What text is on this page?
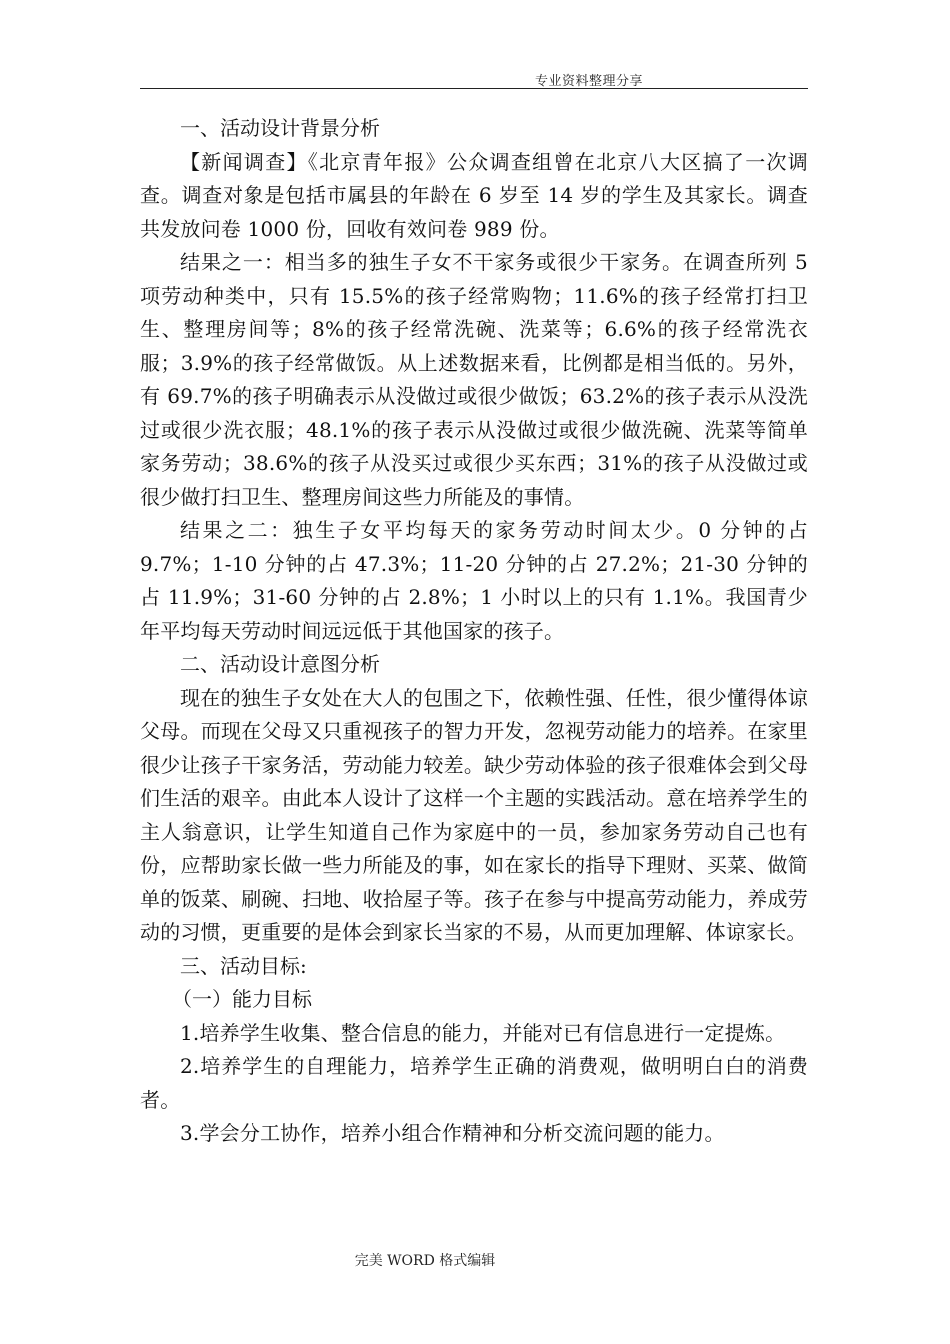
专业资料整理分享

一、活动设计背景分析

【新闻调查】《北京青年报》公众调查组曾在北京八大区搞了一次调查。调查对象是包括市属县的年龄在 6 岁至 14 岁的学生及其家长。调查共发放问卷 1000 份，回收有效问卷 989 份。

结果之一：相当多的独生子女不干家务或很少干家务。在调查所列 5 项劳动种类中，只有 15.5%的孩子经常购物；11.6%的孩子经常打扫卫生、整理房间等；8%的孩子经常洗碗、洗菜等；6.6%的孩子经常洗衣服；3.9%的孩子经常做饭。从上述数据来看，比例都是相当低的。另外，有 69.7%的孩子明确表示从没做过或很少做饭；63.2%的孩子表示从没洗过或很少洗衣服；48.1%的孩子表示从没做过或很少做洗碗、洗菜等简单家务劳动；38.6%的孩子从没买过或很少买东西；31%的孩子从没做过或很少做打扫卫生、整理房间这些力所能及的事情。

结果之二：独生子女平均每天的家务劳动时间太少。0 分钟的占 9.7%；1-10 分钟的占 47.3%；11-20 分钟的占 27.2%；21-30 分钟的占 11.9%；31-60 分钟的占 2.8%；1 小时以上的只有 1.1%。我国青少年平均每天劳动时间远远低于其他国家的孩子。

二、活动设计意图分析

现在的独生子女处在大人的包围之下，依赖性强、任性，很少懂得体谅父母。而现在父母又只重视孩子的智力开发，忽视劳动能力的培养。在家里很少让孩子干家务活，劳动能力较差。缺少劳动体验的孩子很难体会到父母们生活的艰辛。由此本人设计了这样一个主题的实践活动。意在培养学生的主人翁意识，让学生知道自己作为家庭中的一员，参加家务劳动自己也有份，应帮助家长做一些力所能及的事，如在家长的指导下理财、买菜、做简单的饭菜、刷碗、扫地、收拾屋子等。孩子在参与中提高劳动能力，养成劳动的习惯，更重要的是体会到家长当家的不易，从而更加理解、体谅家长。

三、活动目标:

（一）能力目标

1.培养学生收集、整合信息的能力，并能对已有信息进行一定提炼。

2.培养学生的自理能力，培养学生正确的消费观，做明明白白的消费者。

3.学会分工协作，培养小组合作精神和分析交流问题的能力。

完美 WORD 格式编辑
